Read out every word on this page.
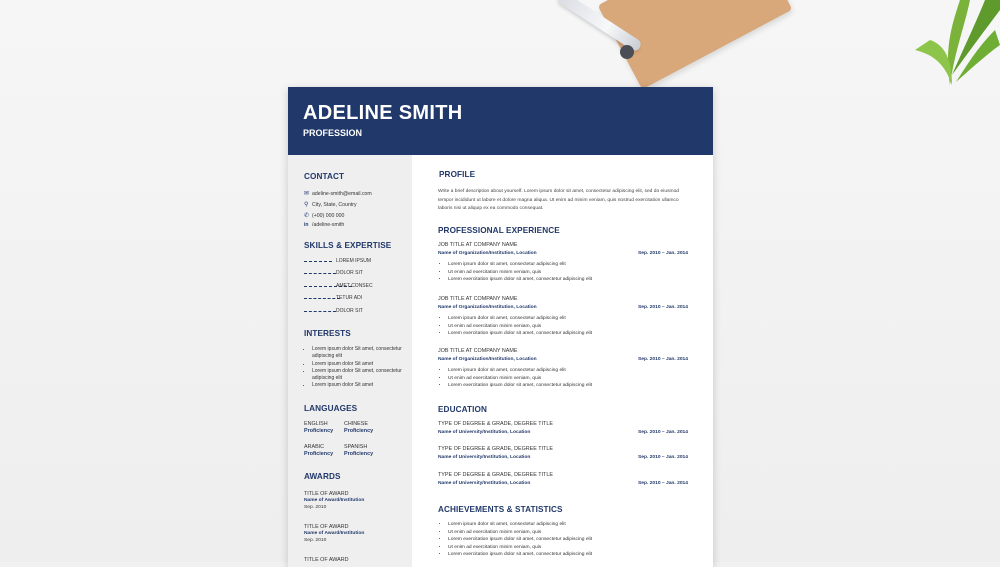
ADELINE SMITH
PROFESSION
CONTACT
✉ adeline-smith@email.com
⚲ City, State, Country
✆ (+00) 000 000
in /adeline-smith
SKILLS & EXPERTISE
LOREM IPSUM
DOLOR SIT
AMET CONSEC
TETUR ADI
DOLOR SIT
INTERESTS
• Lorem ipsum dolor Sit amet, consectetur adipiscing elit
• Lorem ipsum dolor Sit amet
• Lorem ipsum dolor Sit amet, consectetur adipiscing elit
• Lorem ipsum dolor Sit amet
LANGUAGES
ENGLISH
Proficiency
CHINESE
Proficiency
ARABIC
Proficiency
SPANISH
Proficiency
AWARDS
TITLE OF AWARD
Name of Award/Institution
Sep. 2010
TITLE OF AWARD
Name of Award/Institution
Sep. 2010
TITLE OF AWARD
PROFILE
Write a brief description about yourself. Lorem ipsum dolor sit amet, consectetur adipiscing elit, sed do eiusmod tempor incididunt ut labore et dolore magna aliqua. Ut enim ad minim veniam, quis nostrud exercitation ullamco laboris nisi ut aliquip ex ea commodo consequat.
PROFESSIONAL EXPERIENCE
JOB TITLE AT COMPANY NAME
Name of Organization/Institution, Location	Sep. 2010 – Jan. 2014
• Lorem ipsum dolor sit amet, consectetur adipiscing elit
• Ut enim ad exercitation minim veniam, quis
• Lorem exercitation ipsum dolor sit amet, consectetur adipiscing elit
JOB TITLE AT COMPANY NAME
Name of Organization/Institution, Location	Sep. 2010 – Jan. 2014
• Lorem ipsum dolor sit amet, consectetur adipiscing elit
• Ut enim ad exercitation minim veniam, quis
• Lorem exercitation ipsum dolor sit amet, consectetur adipiscing elit
JOB TITLE AT COMPANY NAME
Name of Organization/Institution, Location	Sep. 2010 – Jan. 2014
• Lorem ipsum dolor sit amet, consectetur adipiscing elit
• Ut enim ad exercitation minim veniam, quis
• Lorem exercitation ipsum dolor sit amet, consectetur adipiscing elit
EDUCATION
TYPE OF DEGREE & GRADE, DEGREE TITLE
Name of University/Institution, Location	Sep. 2010 – Jan. 2014
TYPE OF DEGREE & GRADE, DEGREE TITLE
Name of University/Institution, Location	Sep. 2010 – Jan. 2014
TYPE OF DEGREE & GRADE, DEGREE TITLE
Name of University/Institution, Location	Sep. 2010 – Jan. 2014
ACHIEVEMENTS & STATISTICS
• Lorem ipsum dolor sit amet, consectetur adipiscing elit
• Ut enim ad exercitation minim veniam, quis
• Lorem exercitation ipsum dolor sit amet, consectetur adipiscing elit
• Ut enim ad exercitation minim veniam, quis
• Lorem exercitation ipsum dolor sit amet, consectetur adipiscing elit
